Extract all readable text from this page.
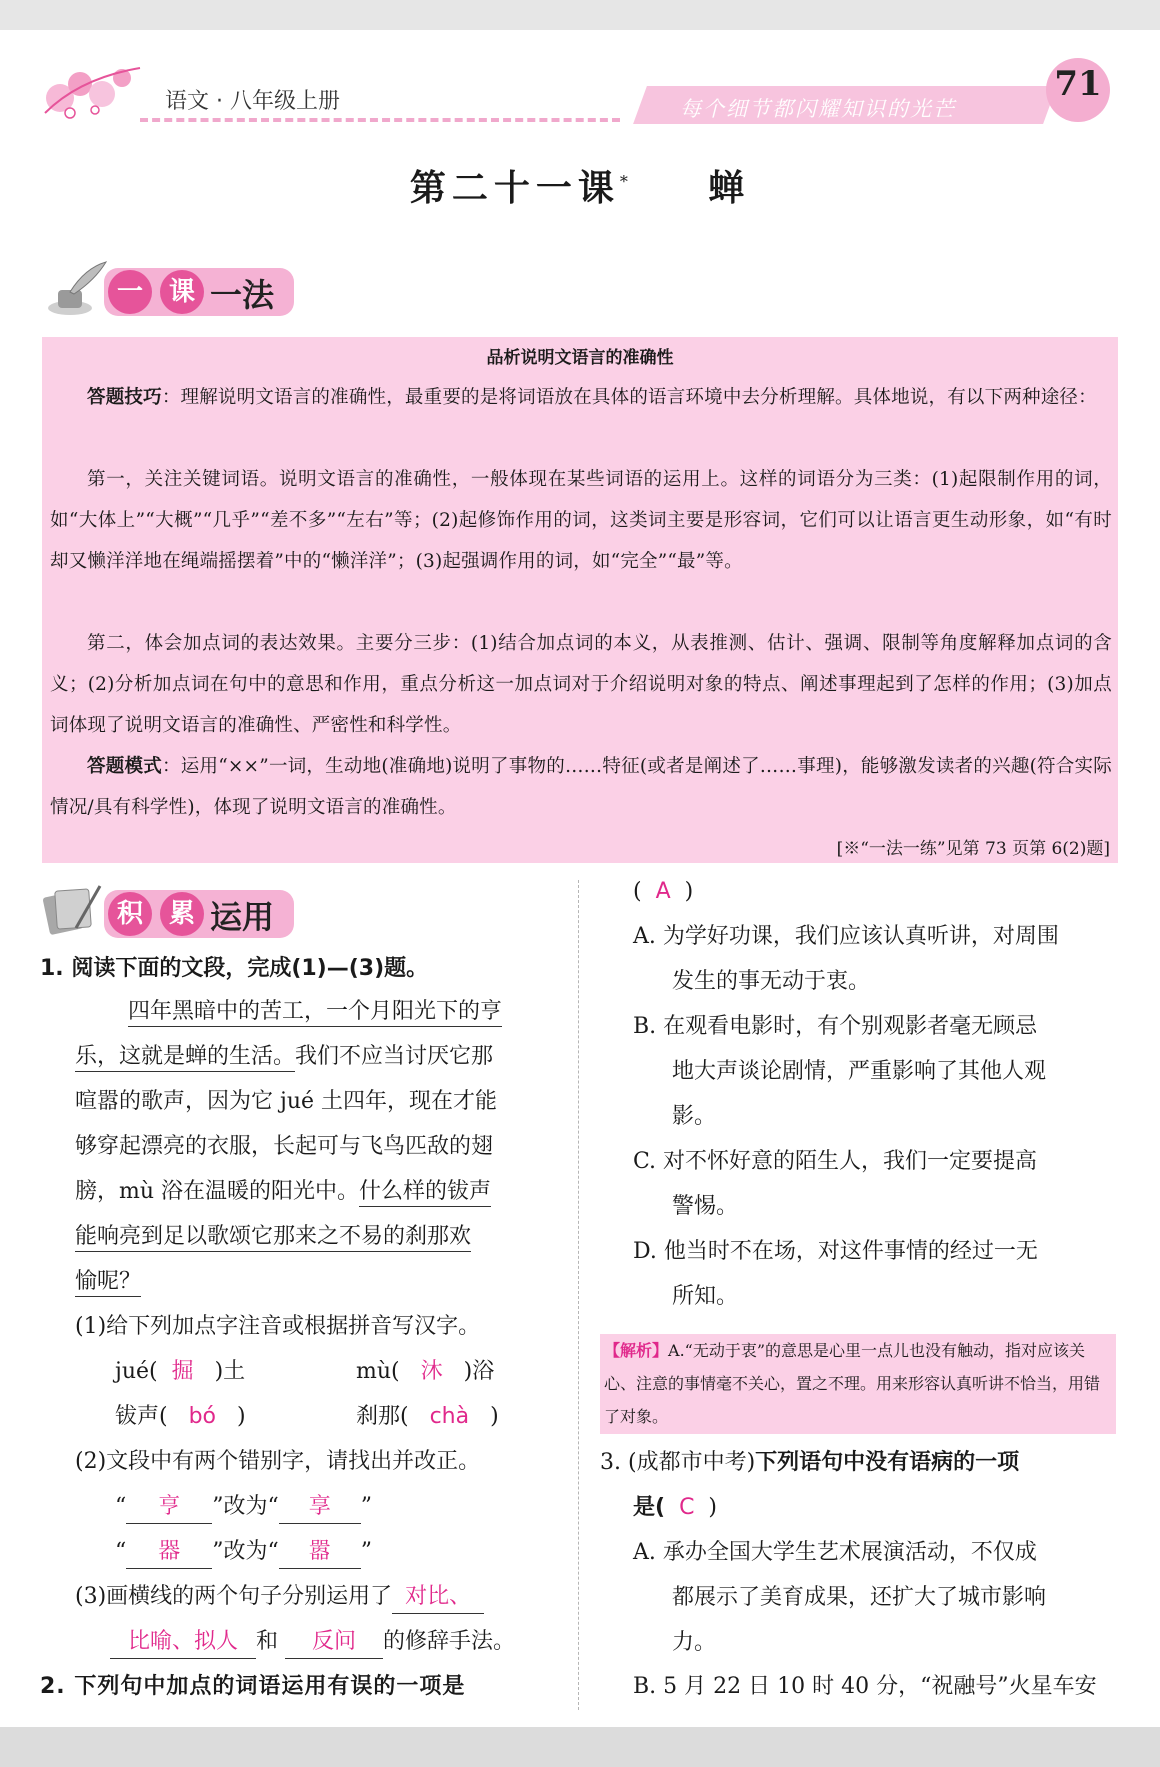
语文 · 八年级上册	每个细节都闪耀知识的光芒
71
第二十一课* 蝉
一 课 一法
品析说明文语言的准确性
答题技巧：理解说明文语言的准确性，最重要的是将词语放在具体的语言环境中去分析理解。具体地说，有以下两种途径：
第一，关注关键词语。说明文语言的准确性，一般体现在某些词语的运用上。这样的词语分为三类：(1)起限制作用的词，如“大体上”“大概”“几乎”“差不多”“左右”等；(2)起修饰作用的词，这类词主要是形容词，它们可以让语言更生动形象，如“有时却又懒洋洋地在绳端摇摆着”中的“懒洋洋”；(3)起强调作用的词，如“完全”“最”等。
第二，体会加点词的表达效果。主要分三步：(1)结合加点词的本义，从表推测、估计、强调、限制等角度解释加点词的含义；(2)分析加点词在句中的意思和作用，重点分析这一加点词对于介绍说明对象的特点、阐述事理起到了怎样的作用；(3)加点词体现了说明文语言的准确性、严密性和科学性。
答题模式：运用“××”一词，生动地(准确地)说明了事物的……特征(或者是阐述了……事理)，能够激发读者的兴趣(符合实际情况/具有科学性)，体现了说明文语言的准确性。
[※“一法一练”见第 73 页第 6(2)题]
积 累 运用
1. 阅读下面的文段，完成(1)—(3)题。
四年黑暗中的苦工，一个月阳光下的亨
乐，这就是蝉的生活。我们不应当讨厌它那
喧嚣的歌声，因为它 jué 土四年，现在才能
够穿起漂亮的衣服，长起可与飞鸟匹敌的翅
膀，mù 浴在温暖的阳光中。什么样的钹声
能响亮到足以歌颂它那来之不易的刹那欢
愉呢？
(1)给下列加点字注音或根据拼音写汉字。
jué( 掘 )土	mù( 沐 )浴
钹声( bó )	刹那( chà )
(2)文段中有两个错别字，请找出并改正。
“ 亨 ”改为“ 享 ”
“ 器 ”改为“ 嚣 ”
(3)画横线的两个句子分别运用了 对比、
比喻、拟人 和 反问 的修辞手法。
2. 下列句中加点的词语运用有误的一项是
(  A  )
A. 为学好功课，我们应该认真听讲，对周围
发生的事无动于衷。
B. 在观看电影时，有个别观影者毫无顾忌
地大声谈论剧情，严重影响了其他人观
影。
C. 对不怀好意的陌生人，我们一定要提高
警惕。
D. 他当时不在场，对这件事情的经过一无
所知。
【解析】A.“无动于衷”的意思是心里一点儿也没有触动，指对应该关心、注意的事情毫不关心，置之不理。用来形容认真听讲不恰当，用错了对象。
3. (成都市中考)下列语句中没有语病的一项
是( C  )
A. 承办全国大学生艺术展演活动，不仅成
都展示了美育成果，还扩大了城市影响
力。
B. 5 月 22 日 10 时 40 分，“祝融号”火星车安
